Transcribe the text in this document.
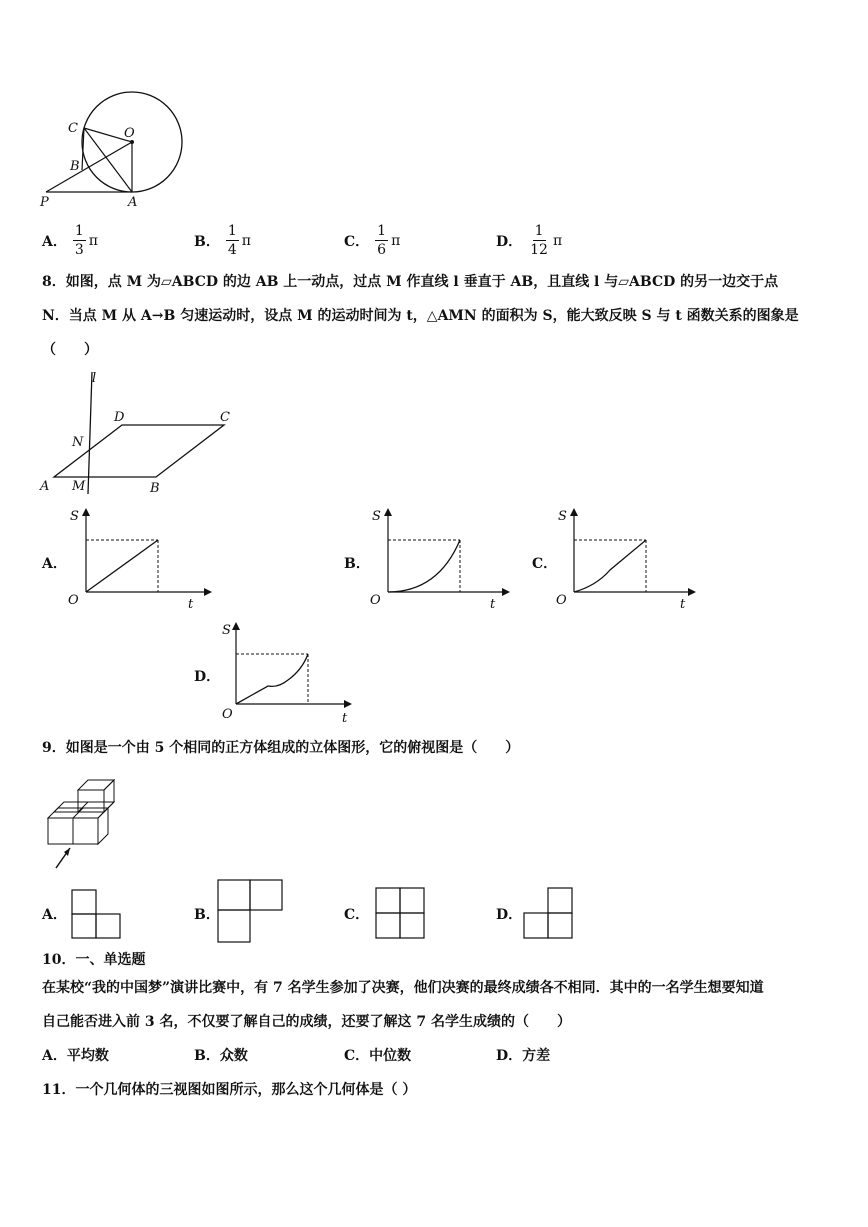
C	O
B
P	A
A． $\frac{1}{3}$ π	B． $\frac{1}{4}$ π	C． $\frac{1}{6}$ π	D． $\frac{1}{12}$ π
8．如图，点 M 为▱ABCD 的边 AB 上一动点，过点 M 作直线 l 垂直于 AB，且直线 l 与▱ABCD 的另一边交于点
N．当点 M 从 A→B 匀速运动时，设点 M 的运动时间为 t，△AMN 的面积为 S，能大致反映 S 与 t 函数关系的图象是
（　　）
l
D	C
N
A M	B
A．
S
O	t
B．
S
O	t
C．
S
O	t
D．
S
O	t
9．如图是一个由 5 个相同的正方体组成的立体图形，它的俯视图是（　　）
A．	B．	C．	D．
10．一、单选题
在某校“我的中国梦”演讲比赛中，有 7 名学生参加了决赛，他们决赛的最终成绩各不相同．其中的一名学生想要知道
自己能否进入前 3 名，不仅要了解自己的成绩，还要了解这 7 名学生成绩的（　　）
A．平均数	B．众数	C．中位数	D．方差
11．一个几何体的三视图如图所示，那么这个几何体是（ ）
